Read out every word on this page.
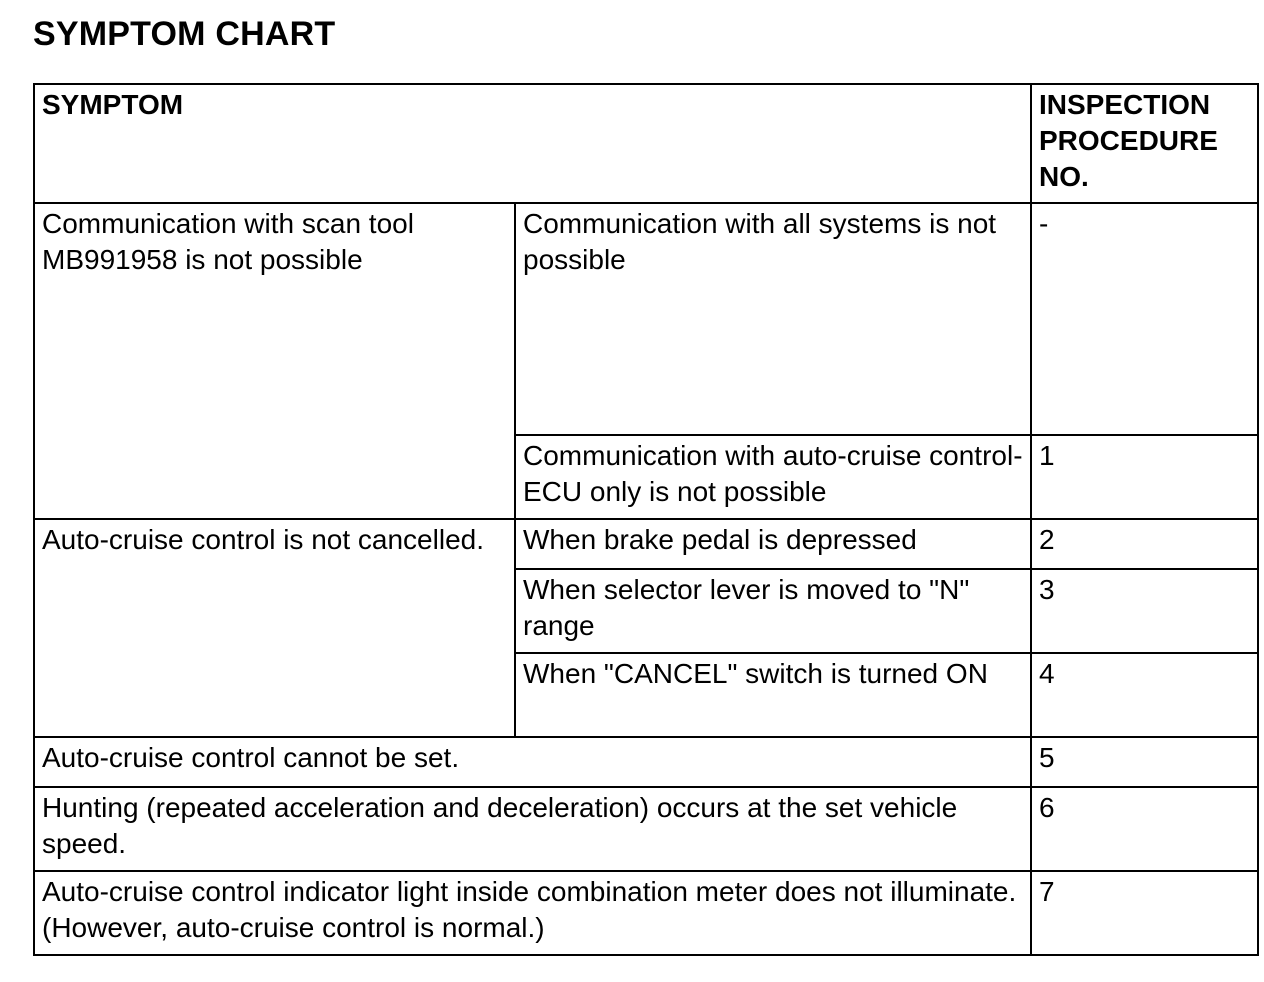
SYMPTOM CHART
SYMPTOM		INSPECTION PROCEDURE NO.
Communication with scan tool MB991958 is not possible	Communication with all systems is not possible	-
	Communication with auto-cruise control-ECU only is not possible	1
Auto-cruise control is not cancelled.	When brake pedal is depressed	2
	When selector lever is moved to "N" range	3
	When "CANCEL" switch is turned ON	4
Auto-cruise control cannot be set.		5
Hunting (repeated acceleration and deceleration) occurs at the set vehicle speed.		6
Auto-cruise control indicator light inside combination meter does not illuminate. (However, auto-cruise control is normal.)		7
